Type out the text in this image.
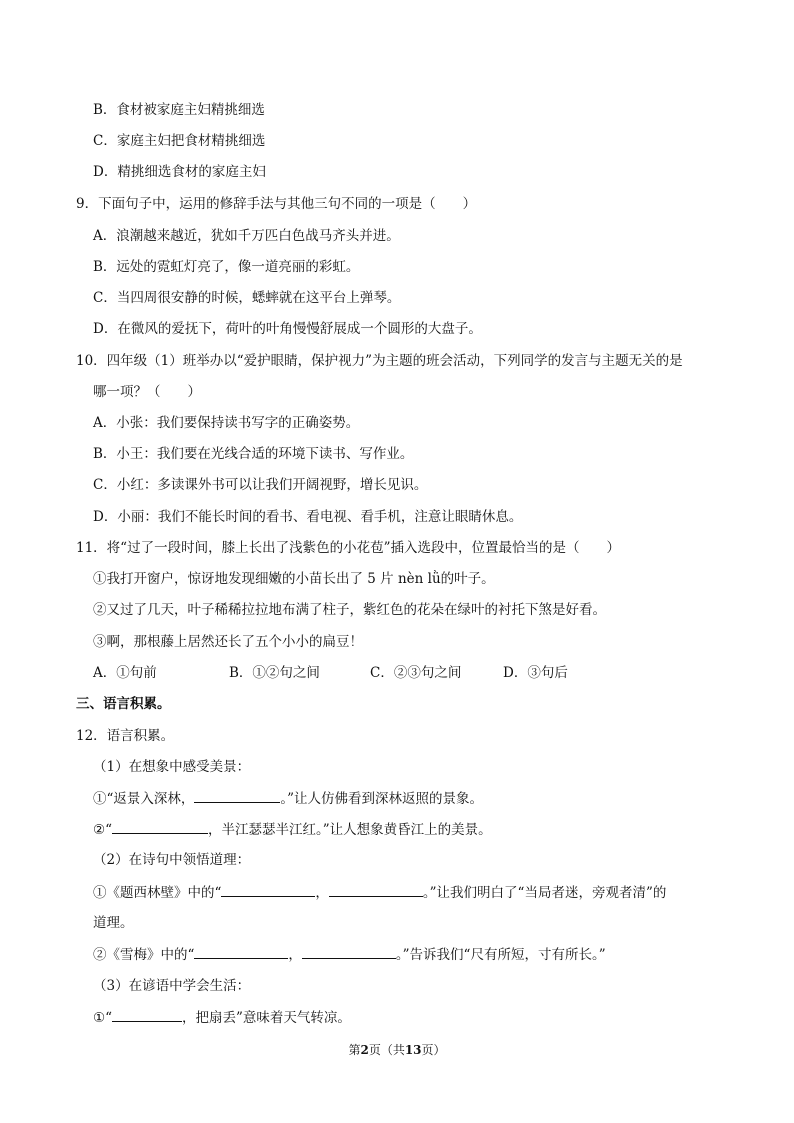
B．食材被家庭主妇精挑细选
C．家庭主妇把食材精挑细选
D．精挑细选食材的家庭主妇
9．下面句子中，运用的修辞手法与其他三句不同的一项是（　　）
A．浪潮越来越近，犹如千万匹白色战马齐头并进。
B．远处的霓虹灯亮了，像一道亮丽的彩虹。
C．当四周很安静的时候，蟋蟀就在这平台上弹琴。
D．在微风的爱抚下，荷叶的叶角慢慢舒展成一个圆形的大盘子。
10．四年级（1）班举办以“爱护眼睛，保护视力”为主题的班会活动，下列同学的发言与主题无关的是
哪一项？（　　）
A．小张：我们要保持读书写字的正确姿势。
B．小王：我们要在光线合适的环境下读书、写作业。
C．小红：多读课外书可以让我们开阔视野，增长见识。
D．小丽：我们不能长时间的看书、看电视、看手机，注意让眼睛休息。
11．将“过了一段时间，膝上长出了浅紫色的小花苞”插入选段中，位置最恰当的是（　　）
①我打开窗户，惊讶地发现细嫩的小苗长出了 5 片 nèn lǜ的叶子。
②又过了几天，叶子稀稀拉拉地布满了柱子，紫红色的花朵在绿叶的衬托下煞是好看。
③啊，那根藤上居然还长了五个小小的扁豆！
A．①句前	B．①②句之间	C．②③句之间	D．③句后
三、语言积累。
12．语言积累。
（1）在想象中感受美景：
①“返景入深林，	。”让人仿佛看到深林返照的景象。
②“	，半江瑟瑟半江红。”让人想象黄昏江上的美景。
（2）在诗句中领悟道理：
①《题西林壁》中的“	，	。”让我们明白了“当局者迷，旁观者清”的
道理。
②《雪梅》中的“	，	。”告诉我们“尺有所短，寸有所长。”
（3）在谚语中学会生活：
①“	，把扇丢”意味着天气转凉。
第2页（共13页）
